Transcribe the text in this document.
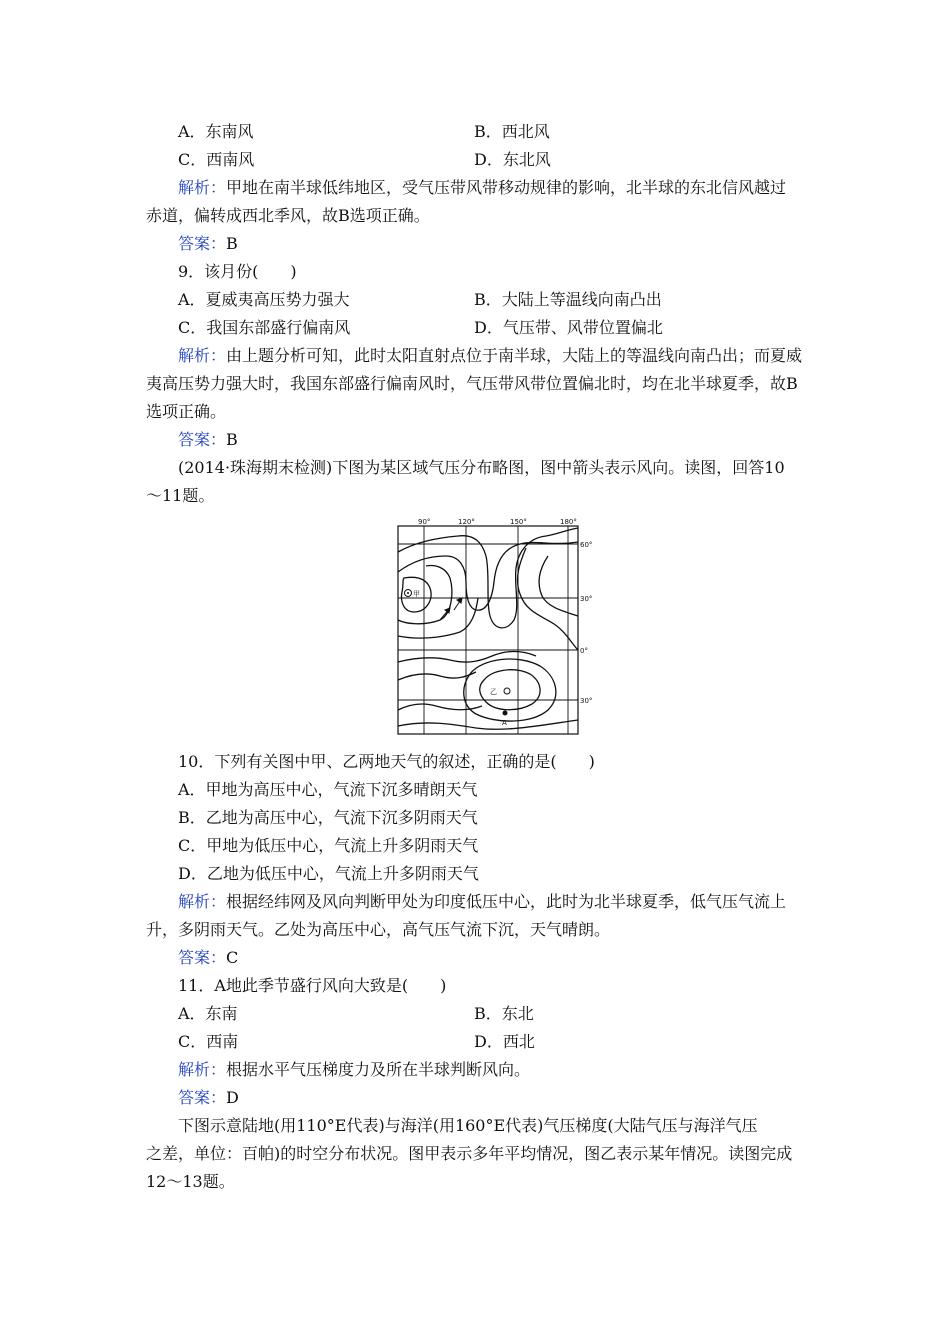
A．东南风	B．西北风
C．西南风	D．东北风
解析：甲地在南半球低纬地区，受气压带风带移动规律的影响，北半球的东北信风越过
赤道，偏转成西北季风，故B选项正确。
答案：B
9．该月份(　　)
A．夏威夷高压势力强大	B．大陆上等温线向南凸出
C．我国东部盛行偏南风	D．气压带、风带位置偏北
解析：由上题分析可知，此时太阳直射点位于南半球，大陆上的等温线向南凸出；而夏威
夷高压势力强大时，我国东部盛行偏南风时，气压带风带位置偏北时，均在北半球夏季，故B
选项正确。
答案：B
(2014·珠海期末检测)下图为某区域气压分布略图，图中箭头表示风向。读图，回答10
～11题。
90°	120°	150°	180°
60°
30°
0°
30°
甲
乙
A
10．下列有关图中甲、乙两地天气的叙述，正确的是(　　)
A．甲地为高压中心，气流下沉多晴朗天气
B．乙地为高压中心，气流下沉多阴雨天气
C．甲地为低压中心，气流上升多阴雨天气
D．乙地为低压中心，气流上升多阴雨天气
解析：根据经纬网及风向判断甲处为印度低压中心，此时为北半球夏季，低气压气流上
升，多阴雨天气。乙处为高压中心，高气压气流下沉，天气晴朗。
答案：C
11．A地此季节盛行风向大致是(　　)
A．东南	B．东北
C．西南	D．西北
解析：根据水平气压梯度力及所在半球判断风向。
答案：D
下图示意陆地(用110°E代表)与海洋(用160°E代表)气压梯度(大陆气压与海洋气压
之差，单位：百帕)的时空分布状况。图甲表示多年平均情况，图乙表示某年情况。读图完成
12～13题。
